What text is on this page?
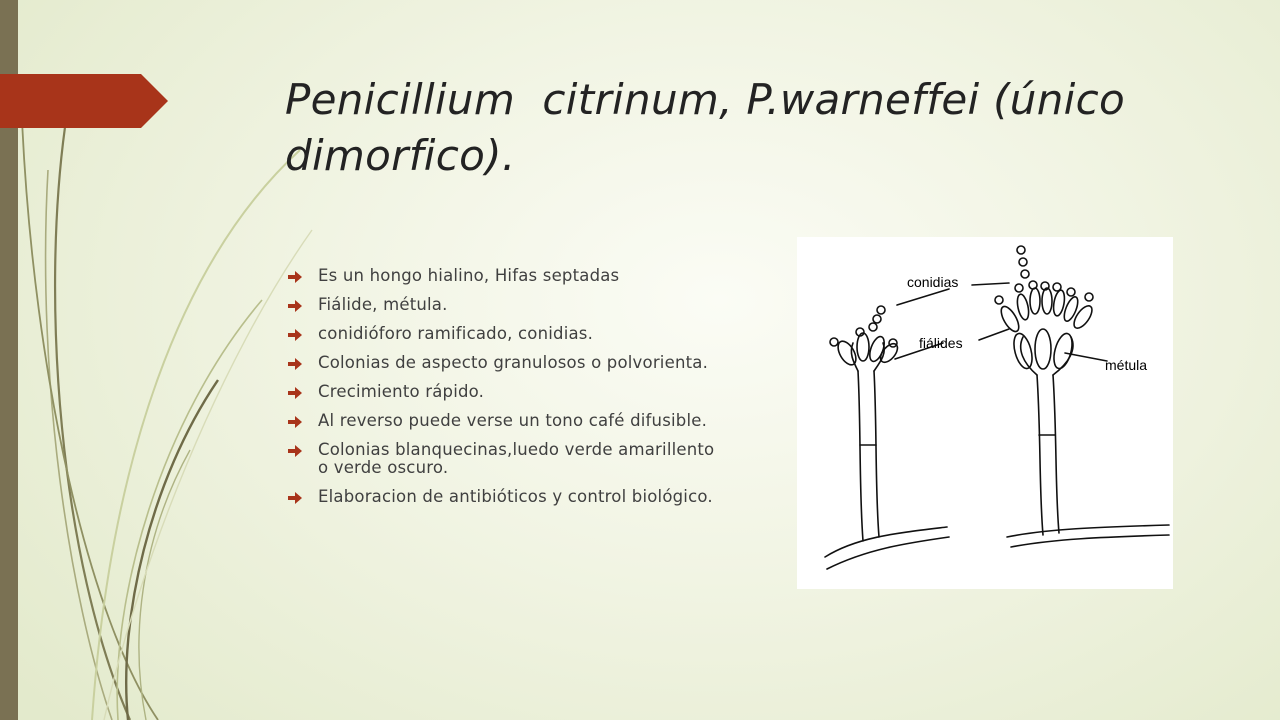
Penicillium  citrinum, P.warneffei (único dimorfico).
Es un hongo hialino, Hifas septadas
Fiálide, métula.
conidióforo ramificado, conidias.
Colonias de aspecto granulosos o polvorienta.
Crecimiento rápido.
Al reverso puede verse un tono café difusible.
Colonias blanquecinas,luedo verde amarillento o verde oscuro.
Elaboracion de antibióticos y control biológico.
conidias
fiálides
métula
